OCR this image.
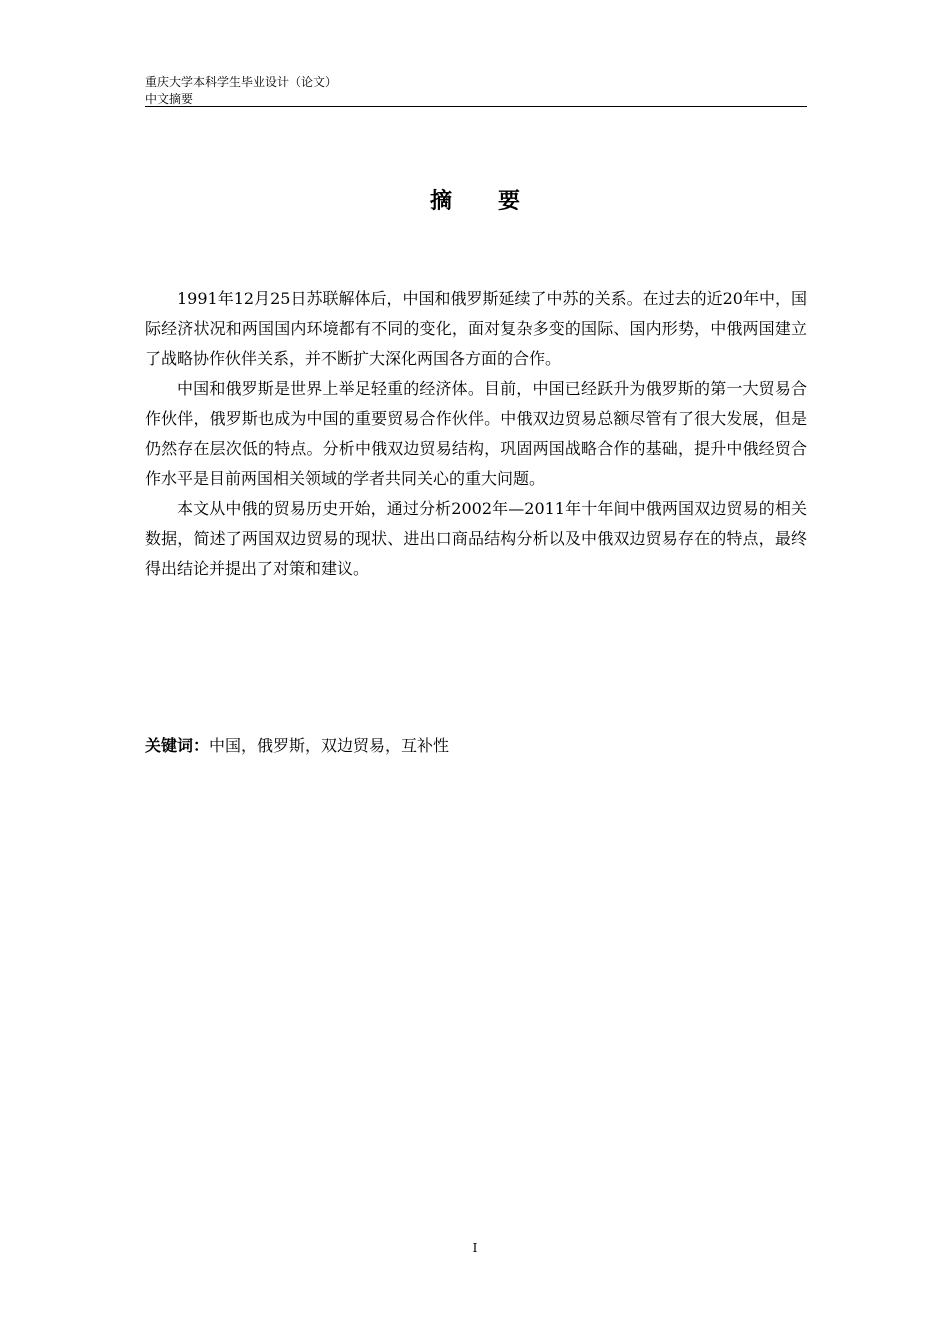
重庆大学本科学生毕业设计（论文）
中文摘要
摘 要

1991年12月25日苏联解体后，中国和俄罗斯延续了中苏的关系。在过去的近20年中，国际经济状况和两国国内环境都有不同的变化，面对复杂多变的国际、国内形势，中俄两国建立了战略协作伙伴关系，并不断扩大深化两国各方面的合作。

中国和俄罗斯是世界上举足轻重的经济体。目前，中国已经跃升为俄罗斯的第一大贸易合作伙伴，俄罗斯也成为中国的重要贸易合作伙伴。中俄双边贸易总额尽管有了很大发展，但是仍然存在层次低的特点。分析中俄双边贸易结构，巩固两国战略合作的基础，提升中俄经贸合作水平是目前两国相关领域的学者共同关心的重大问题。

本文从中俄的贸易历史开始，通过分析2002年—2011年十年间中俄两国双边贸易的相关数据，简述了两国双边贸易的现状、进出口商品结构分析以及中俄双边贸易存在的特点，最终得出结论并提出了对策和建议。

关键词：中国，俄罗斯，双边贸易，互补性
I
